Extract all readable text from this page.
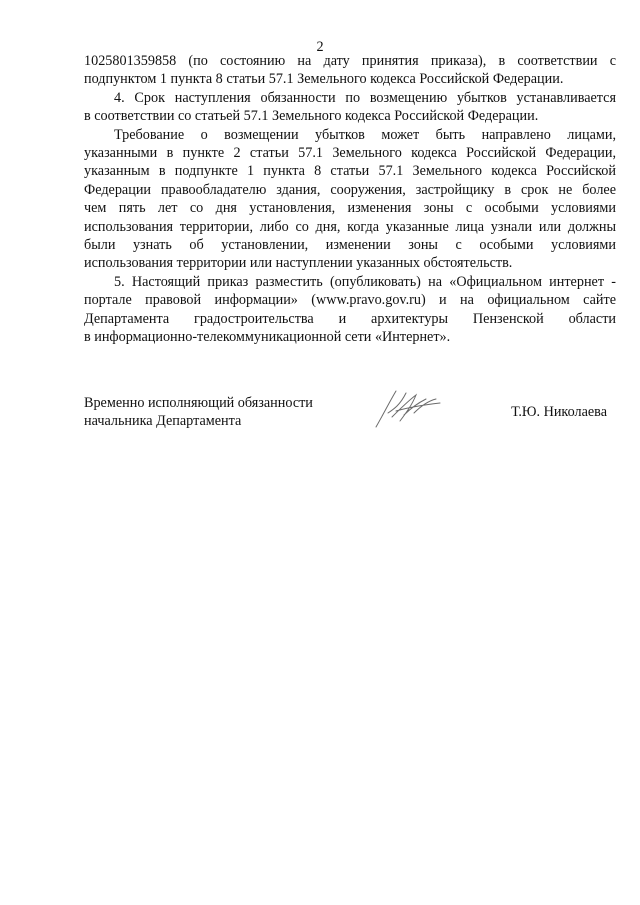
2
1025801359858 (по состоянию на дату принятия приказа), в соответствии с
подпунктом 1 пункта 8 статьи 57.1 Земельного кодекса Российской Федерации.
4. Срок наступления обязанности по возмещению убытков устанавливается
в соответствии со статьей 57.1 Земельного кодекса Российской Федерации.
Требование о возмещении убытков может быть направлено лицами,
указанными в пункте 2 статьи 57.1 Земельного кодекса Российской Федерации,
указанным в подпункте 1 пункта 8 статьи 57.1 Земельного кодекса Российской
Федерации правообладателю здания, сооружения, застройщику в срок не более
чем пять лет со дня установления, изменения зоны с особыми условиями
использования территории, либо со дня, когда указанные лица узнали или должны
были узнать об установлении, изменении зоны с особыми условиями
использования территории или наступлении указанных обстоятельств.
5. Настоящий приказ разместить (опубликовать) на «Официальном интернет -
портале правовой информации» (www.pravo.gov.ru) и на официальном сайте
Департамента градостроительства и архитектуры Пензенской области
в информационно-телекоммуникационной сети «Интернет».
Временно исполняющий обязанности
начальника Департамента
Т.Ю. Николаева
